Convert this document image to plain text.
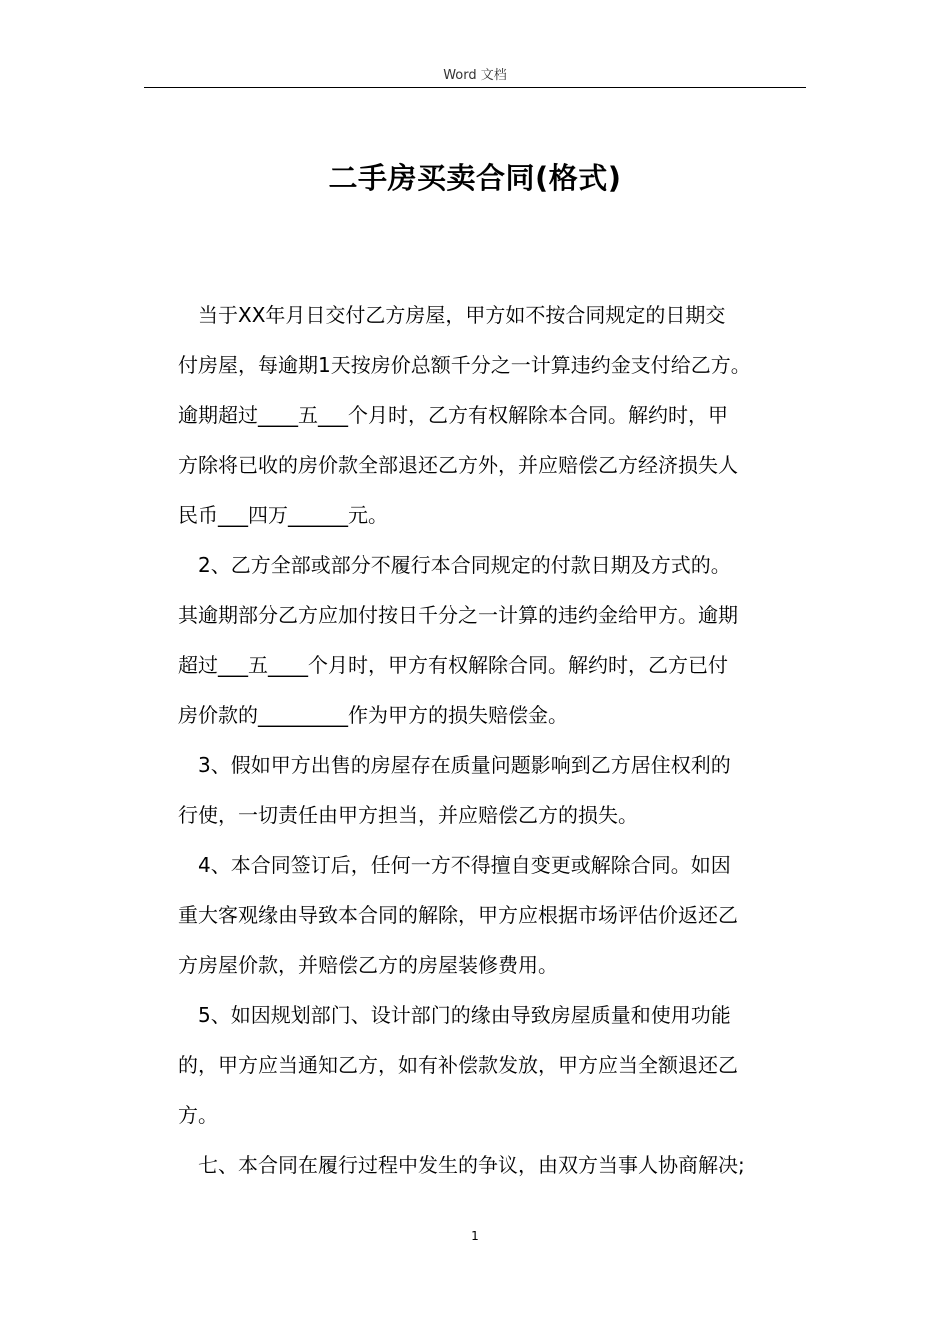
Word 文档
二手房买卖合同(格式)
当于XX年月日交付乙方房屋，甲方如不按合同规定的日期交
付房屋，每逾期1天按房价总额千分之一计算违约金支付给乙方。
逾期超过____五___个月时，乙方有权解除本合同。解约时，甲
方除将已收的房价款全部退还乙方外，并应赔偿乙方经济损失人
民币___四万______元。
2、乙方全部或部分不履行本合同规定的付款日期及方式的。
其逾期部分乙方应加付按日千分之一计算的违约金给甲方。逾期
超过___五____个月时，甲方有权解除合同。解约时，乙方已付
房价款的_________作为甲方的损失赔偿金。
3、假如甲方出售的房屋存在质量问题影响到乙方居住权利的
行使，一切责任由甲方担当，并应赔偿乙方的损失。
4、本合同签订后，任何一方不得擅自变更或解除合同。如因
重大客观缘由导致本合同的解除，甲方应根据市场评估价返还乙
方房屋价款，并赔偿乙方的房屋装修费用。
5、如因规划部门、设计部门的缘由导致房屋质量和使用功能
的，甲方应当通知乙方，如有补偿款发放，甲方应当全额退还乙
方。
七、本合同在履行过程中发生的争议，由双方当事人协商解决;
1
